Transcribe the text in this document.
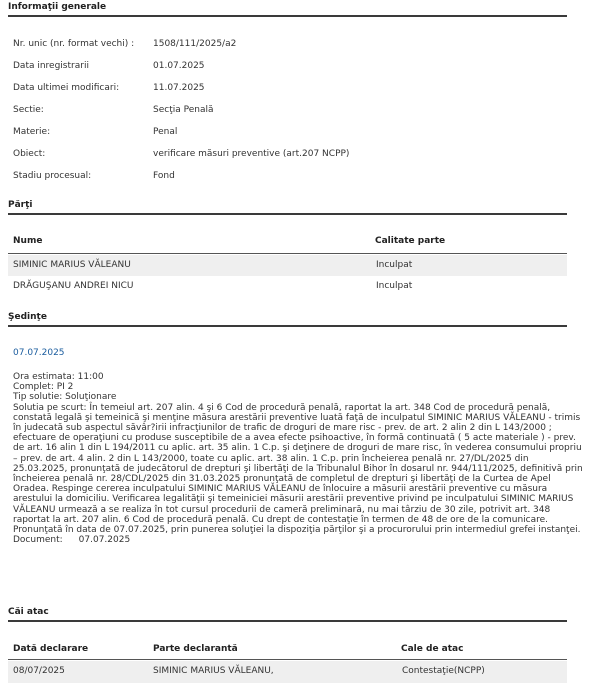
Informaţii generale
Nr. unic (nr. format vechi) :	1508/111/2025/a2
Data inregistrarii	01.07.2025
Data ultimei modificari:	11.07.2025
Sectie:	Secţia Penală
Materie:	Penal
Obiect:	verificare măsuri preventive (art.207 NCPP)
Stadiu procesual:	Fond
Părţi
Nume	Calitate parte
SIMINIC MARIUS VĂLEANU	Inculpat
DRĂGUŞANU ANDREI NICU	Inculpat
Şedinţe
07.07.2025
Ora estimata: 11:00
Complet: PI 2
Tip solutie: Soluţionare
Solutia pe scurt: În temeiul art. 207 alin. 4 şi 6 Cod de procedură penală, raportat la art. 348 Cod de procedură penală,
constată legală şi temeinică şi menţine măsura arestării preventive luată faţă de inculpatul SIMINIC MARIUS VĂLEANU - trimis
în judecată sub aspectul săvâr?irii infracţiunilor de trafic de droguri de mare risc - prev. de art. 2 alin 2 din L 143/2000 ;
efectuare de operaţiuni cu produse susceptibile de a avea efecte psihoactive, în formă continuată ( 5 acte materiale ) - prev.
de art. 16 alin 1 din L 194/2011 cu aplic. art. 35 alin. 1 C.p. şi deţinere de droguri de mare risc, în vederea consumului propriu
– prev. de art. 4 alin. 2 din L 143/2000, toate cu aplic. art. 38 alin. 1 C.p. prin încheierea penală nr. 27/DL/2025 din
25.03.2025, pronunţată de judecătorul de drepturi şi libertăţi de la Tribunalul Bihor în dosarul nr. 944/111/2025, definitivă prin
încheierea penală nr. 28/CDL/2025 din 31.03.2025 pronunţată de completul de drepturi şi libertăţi de la Curtea de Apel
Oradea. Respinge cererea inculpatului SIMINIC MARIUS VĂLEANU de înlocuire a măsurii arestării preventive cu măsura
arestului la domiciliu. Verificarea legalităţii şi temeiniciei măsurii arestării preventive privind pe inculpatului SIMINIC MARIUS
VĂLEANU urmează a se realiza în tot cursul procedurii de cameră preliminară, nu mai târziu de 30 zile, potrivit art. 348
raportat la art. 207 alin. 6 Cod de procedură penală. Cu drept de contestaţie în termen de 48 de ore de la comunicare.
Pronunţată în data de 07.07.2025, prin punerea soluţiei la dispoziţia părţilor şi a procurorului prin intermediul grefei instanţei.
Document: 07.07.2025
Căi atac
Dată declarare	Parte declarantă	Cale de atac
08/07/2025	SIMINIC MARIUS VĂLEANU,	Contestaţie(NCPP)
